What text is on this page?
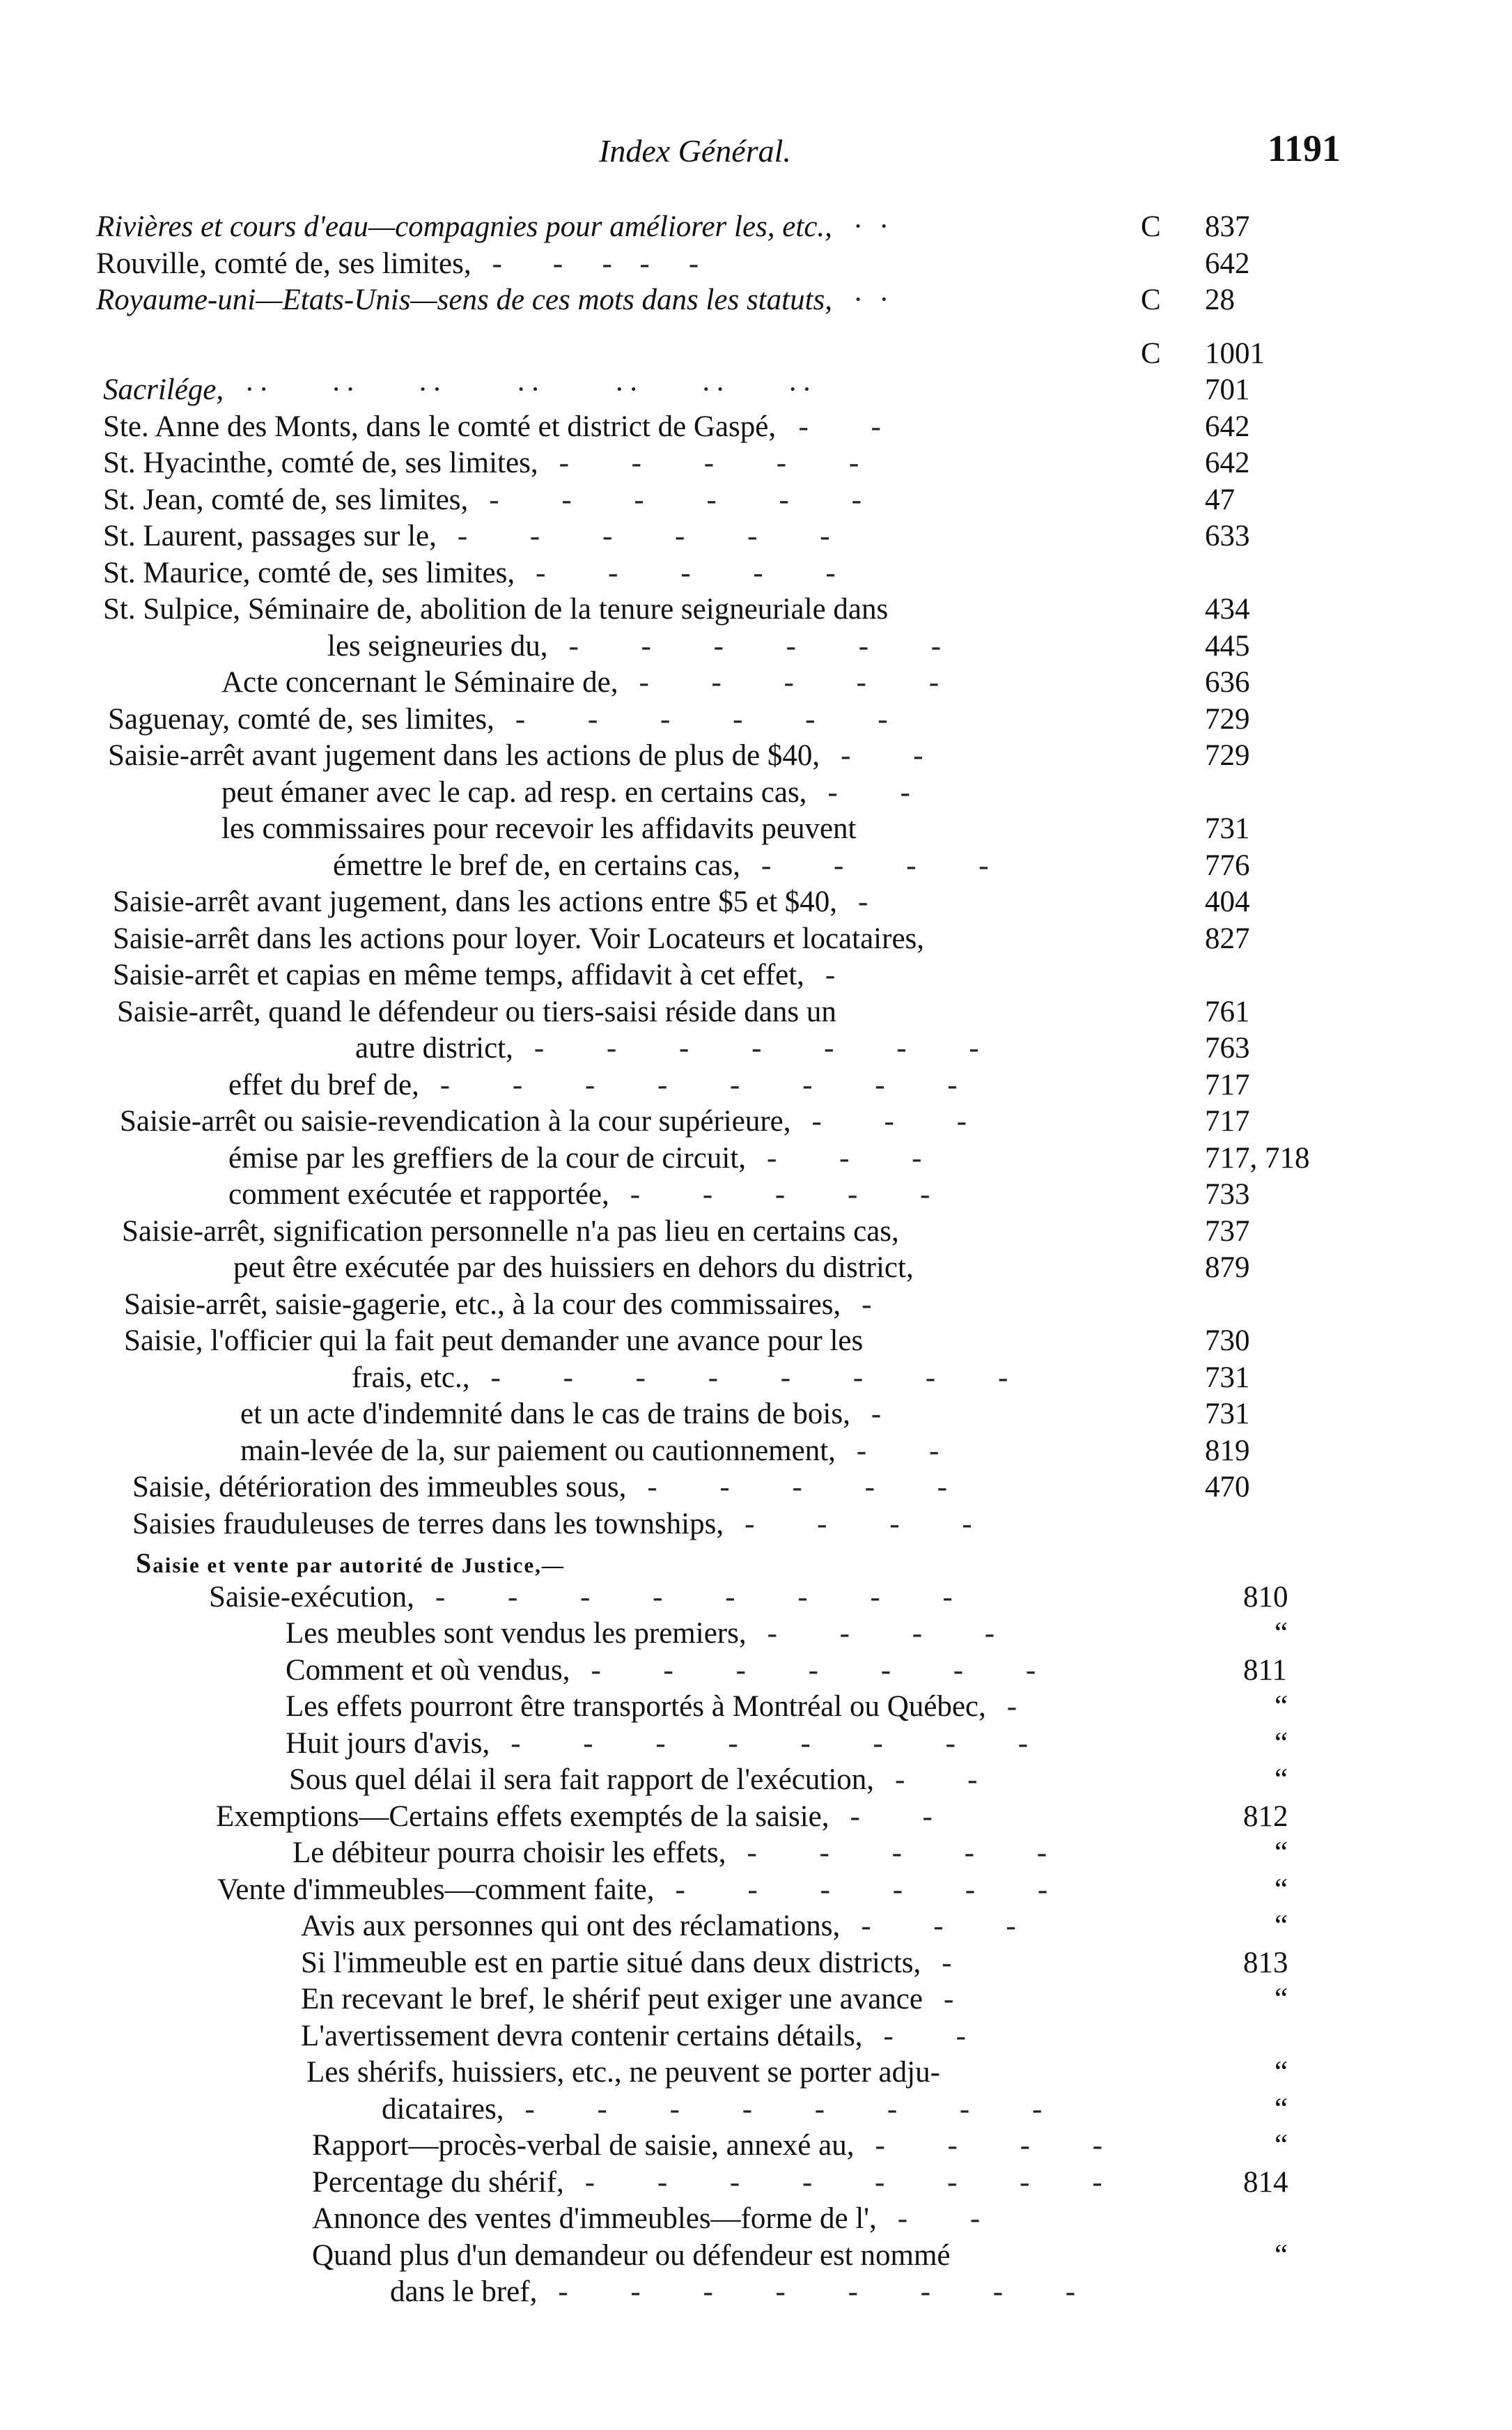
Index Général.	1191
Rivières et cours d'eau—compagnies pour améliorer les, etc., · ·	C 837
Rouville, comté de, ses limites, -    -   -  -   -	642
Royaume-uni—Etats-Unis—sens de ces mots dans les statuts, · ·	C 28
C 1001
Sacrilége, ··     ··     ··      ··      ··     ··     ··	701
Ste. Anne des Monts, dans le comté et district de Gaspé, -     -	642
St. Hyacinthe, comté de, ses limites, -     -     -     -     -	642
St. Jean, comté de, ses limites, -     -     -     -     -     -	47
St. Laurent, passages sur le, -     -     -     -     -     -	633
St. Maurice, comté de, ses limites, -     -     -     -     -
St. Sulpice, Séminaire de, abolition de la tenure seigneuriale dans	434
les seigneuries du, -     -     -     -     -     -	445
Acte concernant le Séminaire de, -     -     -     -     -	636
Saguenay, comté de, ses limites, -     -     -     -     -     -	729
Saisie-arrêt avant jugement dans les actions de plus de $40, -     -	729
peut émaner avec le cap. ad resp. en certains cas, -     -
les commissaires pour recevoir les affidavits peuvent	731
émettre le bref de, en certains cas, -     -     -     -	776
Saisie-arrêt avant jugement, dans les actions entre $5 et $40, -	404
Saisie-arrêt dans les actions pour loyer. Voir Locateurs et locataires,	827
Saisie-arrêt et capias en même temps, affidavit à cet effet, -
Saisie-arrêt, quand le défendeur ou tiers-saisi réside dans un	761
autre district, -     -     -     -     -     -     -	763
effet du bref de, -     -     -     -     -     -     -     -	717
Saisie-arrêt ou saisie-revendication à la cour supérieure, -     -     -	717
émise par les greffiers de la cour de circuit, -     -     -	717, 718
comment exécutée et rapportée, -     -     -     -     -	733
Saisie-arrêt, signification personnelle n'a pas lieu en certains cas,	737
peut être exécutée par des huissiers en dehors du district,	879
Saisie-arrêt, saisie-gagerie, etc., à la cour des commissaires, -
Saisie, l'officier qui la fait peut demander une avance pour les	730
frais, etc., -     -     -     -     -     -     -     -	731
et un acte d'indemnité dans le cas de trains de bois, -	731
main-levée de la, sur paiement ou cautionnement, -     -	819
Saisie, détérioration des immeubles sous, -     -     -     -     -	470
Saisies frauduleuses de terres dans les townships, -     -     -     -
Saisie et vente par autorité de Justice,—
Saisie-exécution, -     -     -     -     -     -     -     -	810
Les meubles sont vendus les premiers, -     -     -     -	“
Comment et où vendus, -     -     -     -     -     -     -	811
Les effets pourront être transportés à Montréal ou Québec, -	“
Huit jours d'avis, -     -     -     -     -     -     -     -	“
Sous quel délai il sera fait rapport de l'exécution, -     -	“
Exemptions—Certains effets exemptés de la saisie, -     -	812
Le débiteur pourra choisir les effets, -     -     -     -     -	“
Vente d'immeubles—comment faite, -     -     -     -     -     -	“
Avis aux personnes qui ont des réclamations, -     -     -	“
Si l'immeuble est en partie situé dans deux districts, -	813
En recevant le bref, le shérif peut exiger une avance -	“
L'avertissement devra contenir certains détails, -     -
Les shérifs, huissiers, etc., ne peuvent se porter adju-	“
dicataires, -     -     -     -     -     -     -     -	“
Rapport—procès-verbal de saisie, annexé au, -     -     -     -	“
Percentage du shérif, -     -     -     -     -     -     -     -	814
Annonce des ventes d'immeubles—forme de l', -     -
Quand plus d'un demandeur ou défendeur est nommé	“
dans le bref, -     -     -     -     -     -     -     -
